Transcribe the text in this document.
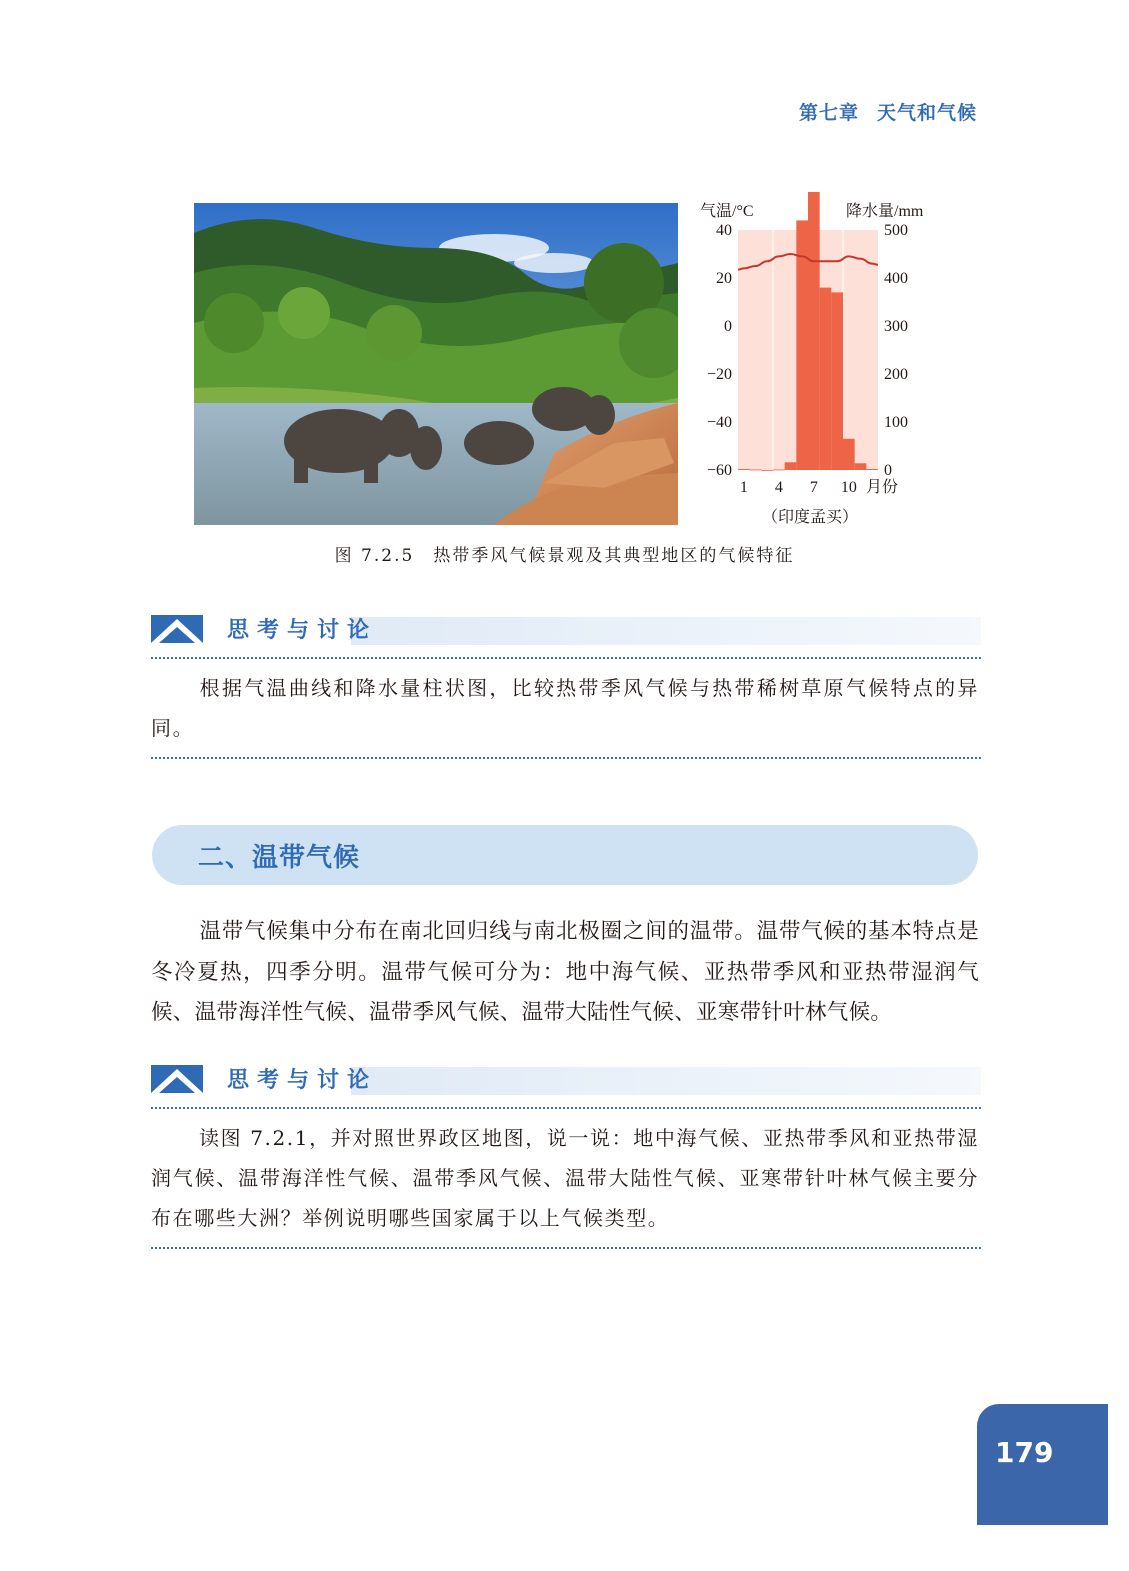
第七章 天气和气候
气温/°C	降水量/mm
40
20
0
−20
−40
−60
500
400
300
200
100
0
1 4 7 10 月份
（印度孟买）
图 7.2.5　热带季风气候景观及其典型地区的气候特征
思考与讨论
根据气温曲线和降水量柱状图，比较热带季风气候与热带稀树草原气候特点的异同。
二、温带气候
温带气候集中分布在南北回归线与南北极圈之间的温带。温带气候的基本特点是冬冷夏热，四季分明。温带气候可分为：地中海气候、亚热带季风和亚热带湿润气候、温带海洋性气候、温带季风气候、温带大陆性气候、亚寒带针叶林气候。
思考与讨论
读图 7.2.1，并对照世界政区地图，说一说：地中海气候、亚热带季风和亚热带湿润气候、温带海洋性气候、温带季风气候、温带大陆性气候、亚寒带针叶林气候主要分布在哪些大洲？举例说明哪些国家属于以上气候类型。
179
